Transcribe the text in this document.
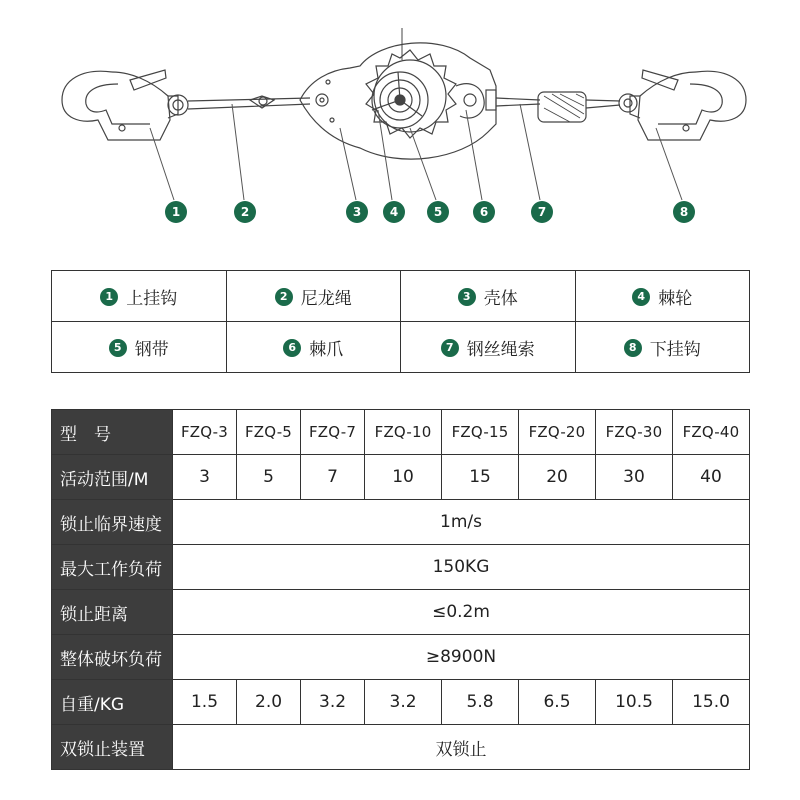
1	2	3 4	5	6	7	8
1 上挂钩	2 尼龙绳	3 壳体	4 棘轮
5 钢带	6 棘爪	7 钢丝绳索	8 下挂钩
型　号	FZQ-3	FZQ-5	FZQ-7	FZQ-10	FZQ-15	FZQ-20	FZQ-30	FZQ-40
活动范围/M	3	5	7	10	15	20	30	40
锁止临界速度	1m/s							
最大工作负荷	150KG							
锁止距离	≤0.2m							
整体破坏负荷	≥8900N							
自重/KG	1.5	2.0	3.2	3.2	5.8	6.5	10.5	15.0
双锁止装置	双锁止							
